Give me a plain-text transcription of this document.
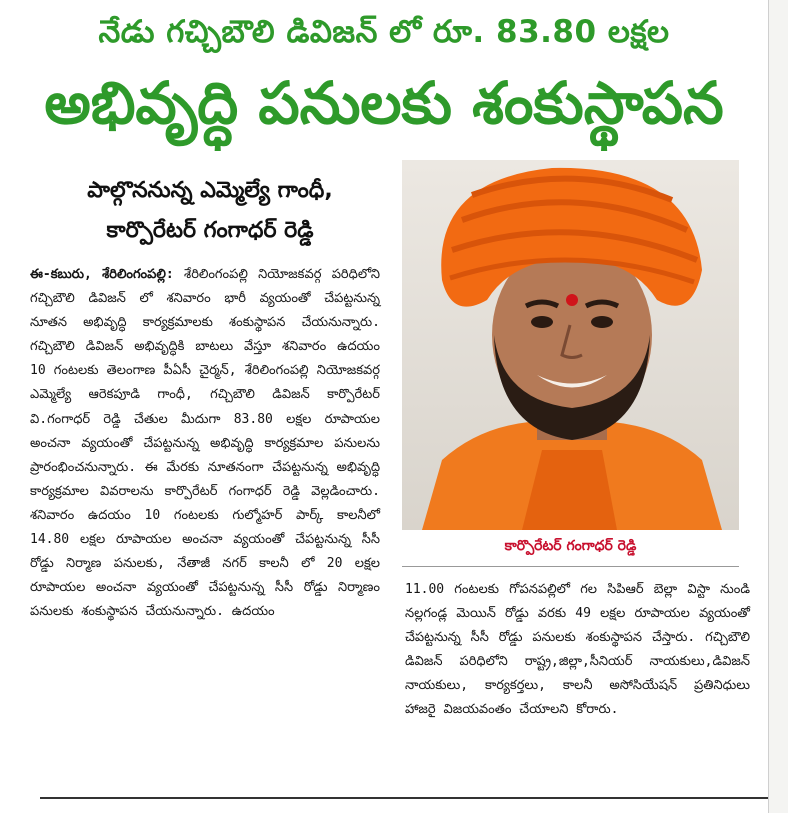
నేడు గచ్చిబౌలి డివిజన్ లో రూ. 83.80 లక్షల
అభివృద్ధి పనులకు శంకుస్థాపన
పాల్గొననున్న ఎమ్మెల్యే గాంధీ,
కార్పొరేటర్ గంగాధర్ రెడ్డి
ఈ-కబురు, శేరిలింగంపల్లి: శేరిలింగంపల్లి నియోజకవర్గ పరిధిలోని గచ్చిబౌలి డివిజన్ లో శనివారం భారీ వ్యయంతో చేపట్టనున్న నూతన అభివృద్ధి కార్యక్రమాలకు శంకుస్థాపన చేయనున్నారు. గచ్చిబౌలి డివిజన్ అభివృద్ధికి బాటలు వేస్తూ శనివారం ఉదయం 10 గంటలకు తెలంగాణ పీఏసీ చైర్మన్, శేరిలింగంపల్లి నియోజకవర్గ ఎమ్మెల్యే ఆరెకపూడి గాంధీ, గచ్చిబౌలి డివిజన్ కార్పొరేటర్ వి.గంగాధర్ రెడ్డి చేతుల మీదుగా 83.80 లక్షల రూపాయల అంచనా వ్యయంతో చేపట్టనున్న అభివృద్ధి కార్యక్రమాల పనులను ప్రారంభించనున్నారు. ఈ మేరకు నూతనంగా చేపట్టనున్న అభివృద్ధి కార్యక్రమాల వివరాలను కార్పొరేటర్ గంగాధర్ రెడ్డి వెల్లడించారు. శనివారం ఉదయం 10 గంటలకు గుల్మోహర్ పార్క్ కాలనీలో 14.80 లక్షల రూపాయల అంచనా వ్యయంతో చేపట్టనున్న సీసీ రోడ్డు నిర్మాణ పనులకు, నేతాజీ నగర్ కాలనీ లో 20 లక్షల రూపాయల అంచనా వ్యయంతో చేపట్టనున్న సీసీ రోడ్డు నిర్మాణం పనులకు శంకుస్థాపన చేయనున్నారు. ఉదయం
కార్పొరేటర్ గంగాధర్ రెడ్డి
11.00 గంటలకు గోపనపల్లిలో గల సిపిఆర్ బెల్లా విస్టా నుండి నల్లగండ్ల మెయిన్ రోడ్డు వరకు 49 లక్షల రూపాయల వ్యయంతో చేపట్టనున్న సీసీ రోడ్డు పనులకు శంకుస్థాపన చేస్తారు. గచ్చిబౌలి డివిజన్ పరిధిలోని రాష్ట్ర,జిల్లా,సీనియర్ నాయకులు,డివిజన్ నాయకులు, కార్యకర్తలు, కాలనీ అసోసియేషన్ ప్రతినిధులు హాజరై విజయవంతం చేయాలని కోరారు.
